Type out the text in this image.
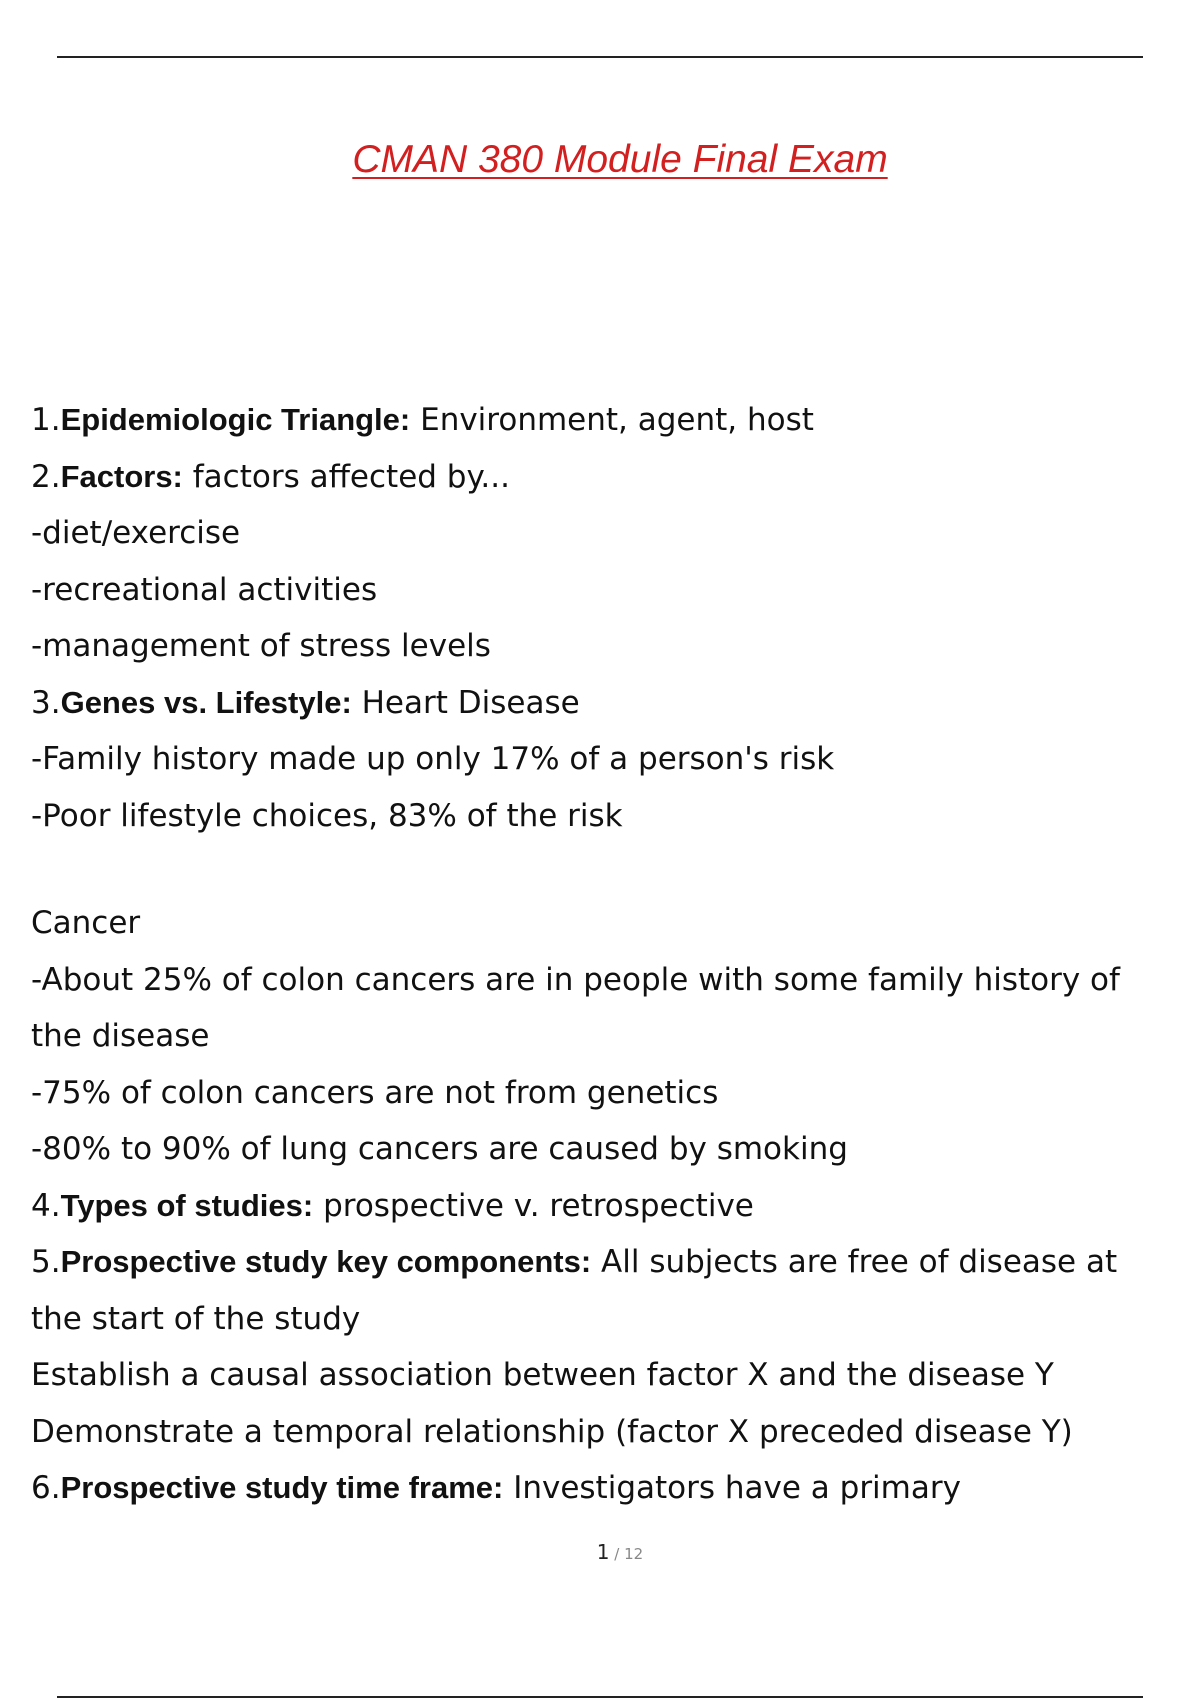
CMAN 380 Module Final Exam
1.Epidemiologic Triangle: Environment, agent, host
2.Factors: factors affected by...
-diet/exercise
-recreational activities
-management of stress levels
3.Genes vs. Lifestyle: Heart Disease
-Family history made up only 17% of a person's risk
-Poor lifestyle choices, 83% of the risk
Cancer
-About 25% of colon cancers are in people with some family history of the disease
-75% of colon cancers are not from genetics
-80% to 90% of lung cancers are caused by smoking
4.Types of studies: prospective v. retrospective
5.Prospective study key components: All subjects are free of disease at the start of the study
Establish a causal association between factor X and the disease Y
Demonstrate a temporal relationship (factor X preceded disease Y)
6.Prospective study time frame: Investigators have a primary
1 / 12
